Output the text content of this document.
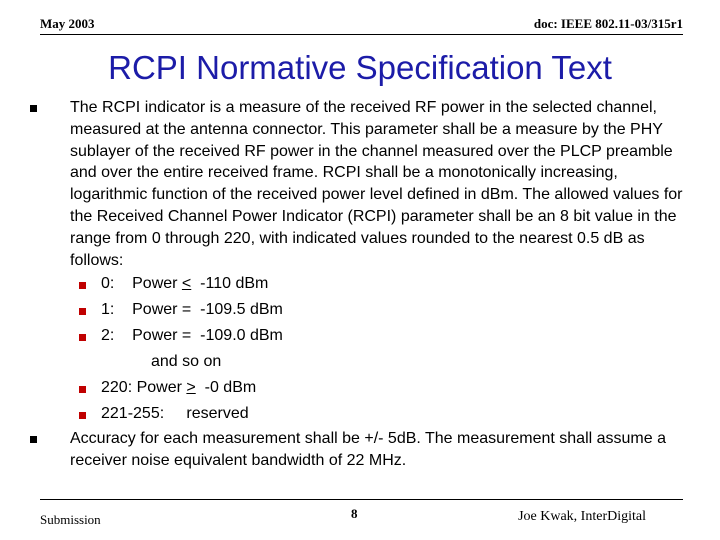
May 2003	doc: IEEE 802.11-03/315r1
RCPI Normative Specification Text
The RCPI indicator is a measure of the received RF power in the selected channel, measured at the antenna connector. This parameter shall be a measure by the PHY sublayer of the received RF power in the channel measured over the PLCP preamble and over the entire received frame. RCPI shall be a monotonically increasing, logarithmic function of the received power level defined in dBm. The allowed values for the Received Channel Power Indicator (RCPI) parameter shall be an 8 bit value in the range from 0 through 220, with indicated values rounded to the nearest 0.5 dB as follows:
0: Power < -110 dBm
1: Power =  -109.5 dBm
2: Power =  -109.0 dBm
and so on
220: Power > -0 dBm
221-255: reserved
Accuracy for each measurement shall be +/- 5dB. The measurement shall assume a receiver noise equivalent bandwidth of 22 MHz.
Submission	8	Joe Kwak, InterDigital
